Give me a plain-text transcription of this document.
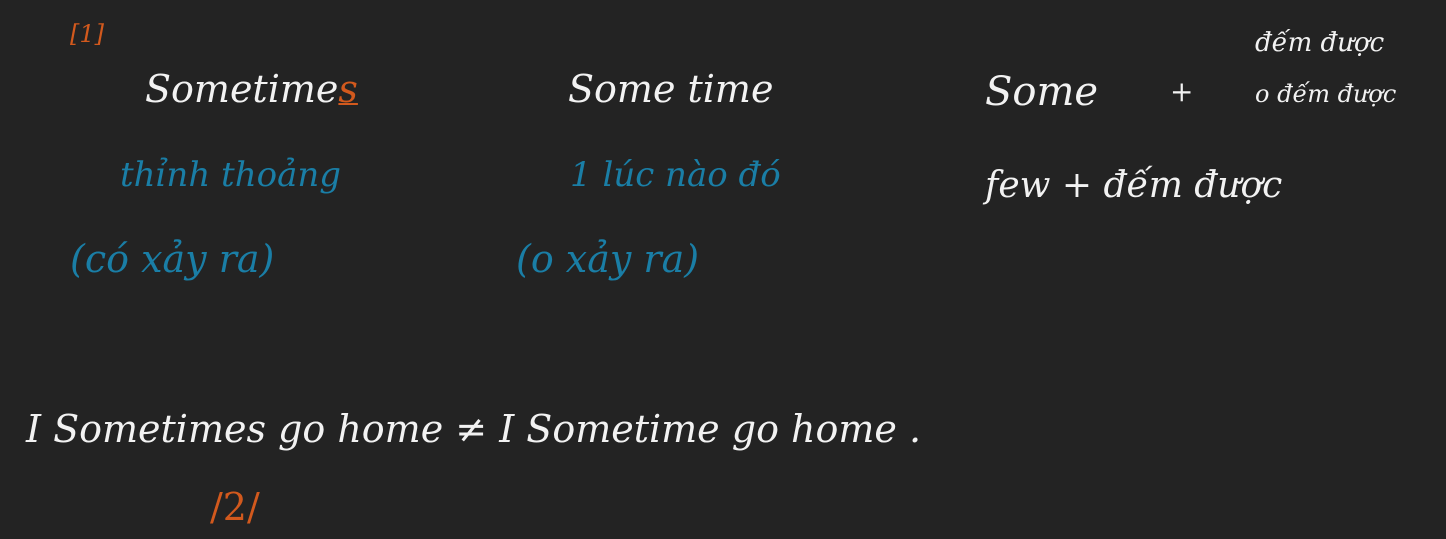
[1]
Sometimes
thỉnh thoảng
(có xảy ra)
Some time
1 lúc nào đó
(o xảy ra)
Some	+
đếm được
o đếm được
few + đếm được
I Sometimes go home ≠ I Sometime go home .
/2/
